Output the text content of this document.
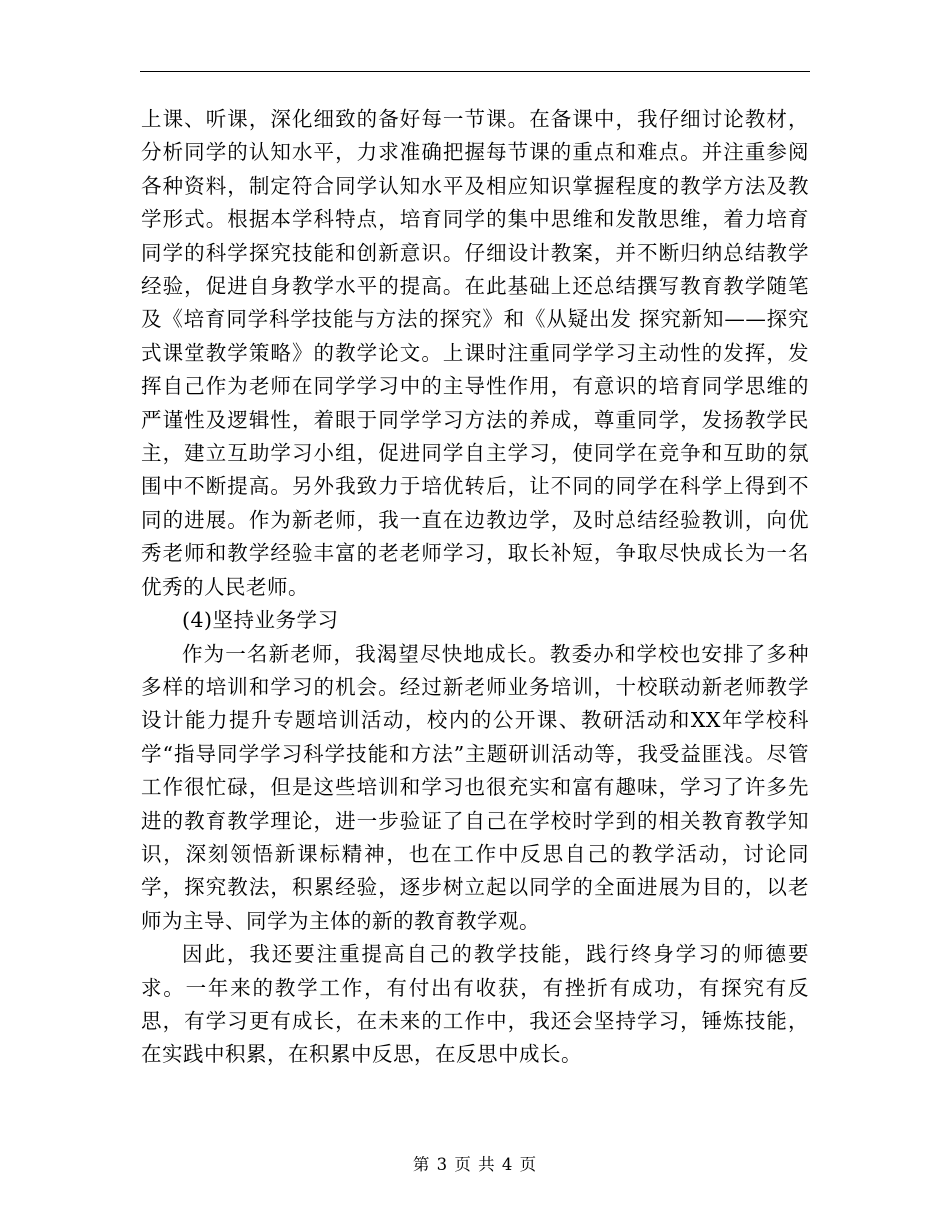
上课、听课，深化细致的备好每一节课。在备课中，我仔细讨论教材，分析同学的认知水平，力求准确把握每节课的重点和难点。并注重参阅各种资料，制定符合同学认知水平及相应知识掌握程度的教学方法及教学形式。根据本学科特点，培育同学的集中思维和发散思维，着力培育同学的科学探究技能和创新意识。仔细设计教案，并不断归纳总结教学经验，促进自身教学水平的提高。在此基础上还总结撰写教育教学随笔及《培育同学科学技能与方法的探究》和《从疑出发 探究新知——探究式课堂教学策略》的教学论文。上课时注重同学学习主动性的发挥，发挥自己作为老师在同学学习中的主导性作用，有意识的培育同学思维的严谨性及逻辑性，着眼于同学学习方法的养成，尊重同学，发扬教学民主，建立互助学习小组，促进同学自主学习，使同学在竞争和互助的氛围中不断提高。另外我致力于培优转后，让不同的同学在科学上得到不同的进展。作为新老师，我一直在边教边学，及时总结经验教训，向优秀老师和教学经验丰富的老老师学习，取长补短，争取尽快成长为一名优秀的人民老师。

(4)坚持业务学习

作为一名新老师，我渴望尽快地成长。教委办和学校也安排了多种多样的培训和学习的机会。经过新老师业务培训，十校联动新老师教学设计能力提升专题培训活动，校内的公开课、教研活动和XX年学校科学“指导同学学习科学技能和方法”主题研训活动等，我受益匪浅。尽管工作很忙碌，但是这些培训和学习也很充实和富有趣味，学习了许多先进的教育教学理论，进一步验证了自己在学校时学到的相关教育教学知识，深刻领悟新课标精神，也在工作中反思自己的教学活动，讨论同学，探究教法，积累经验，逐步树立起以同学的全面进展为目的，以老师为主导、同学为主体的新的教育教学观。

因此，我还要注重提高自己的教学技能，践行终身学习的师德要求。一年来的教学工作，有付出有收获，有挫折有成功，有探究有反思，有学习更有成长，在未来的工作中，我还会坚持学习，锤炼技能，在实践中积累，在积累中反思，在反思中成长。

第 3 页 共 4 页
